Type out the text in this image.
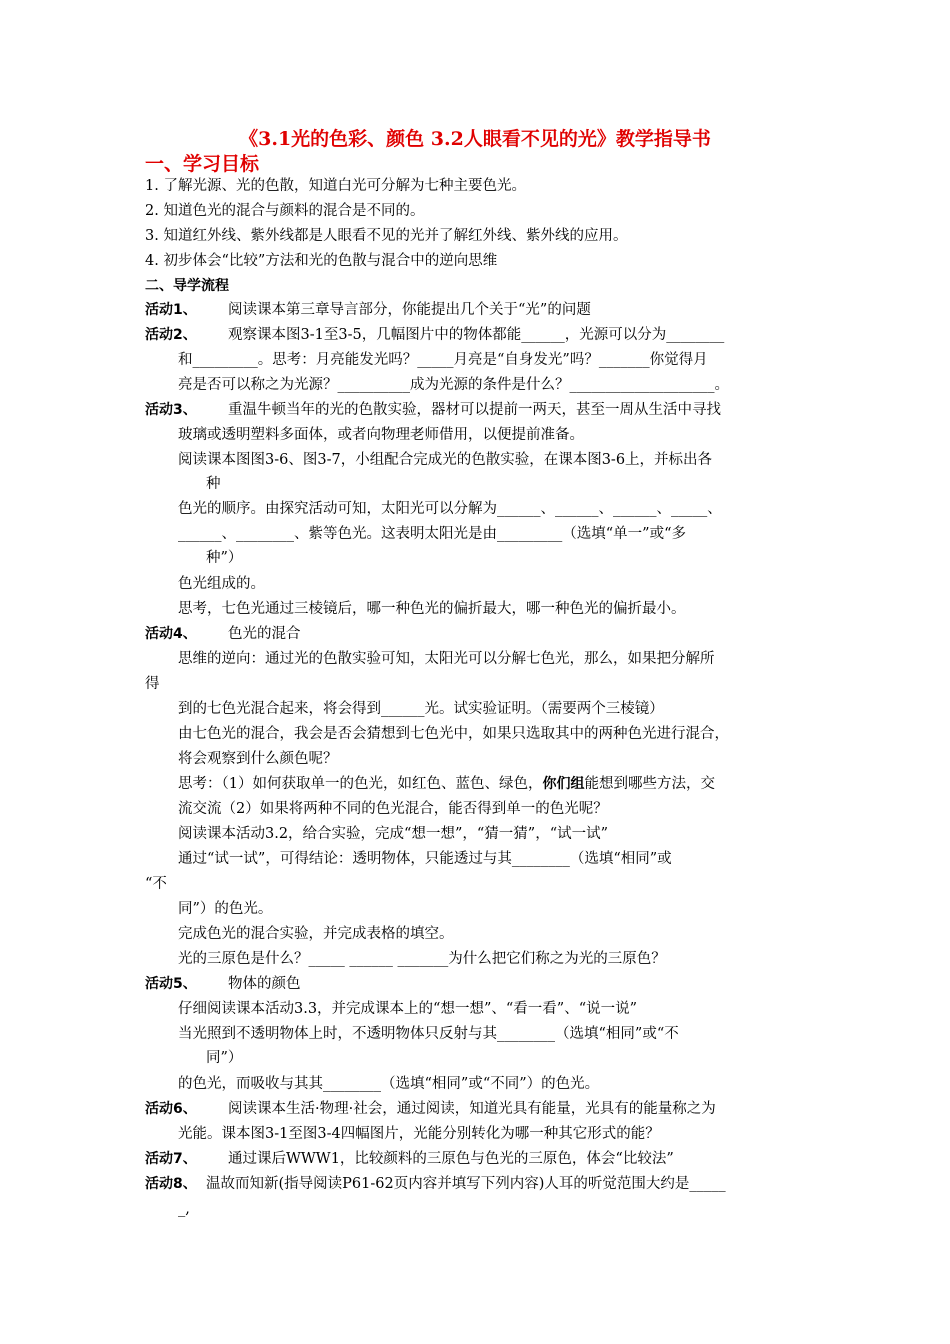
《3.1光的色彩、颜色 3.2人眼看不见的光》教学指导书
一、学习目标
1. 了解光源、光的色散，知道白光可分解为七种主要色光。
2. 知道色光的混合与颜料的混合是不同的。
3. 知道红外线、紫外线都是人眼看不见的光并了解红外线、紫外线的应用。
4. 初步体会“比较”方法和光的色散与混合中的逆向思维
二、导学流程
活动1、 阅读课本第三章导言部分，你能提出几个关于“光”的问题
活动2、 观察课本图3-1至3-5，几幅图片中的物体都能______，光源可以分为________
和_________。思考：月亮能发光吗？_____月亮是“自身发光”吗？_______你觉得月
亮是否可以称之为光源？__________成为光源的条件是什么？____________________。
活动3、 重温牛顿当年的光的色散实验，器材可以提前一两天，甚至一周从生活中寻找
玻璃或透明塑料多面体，或者向物理老师借用，以便提前准备。
阅读课本图图3-6、图3-7，小组配合完成光的色散实验，在课本图3-6上，并标出各
种
色光的顺序。由探究活动可知，太阳光可以分解为______、______、______、_____、
______、________、紫等色光。这表明太阳光是由_________（选填“单一”或“多
种”）
色光组成的。
思考，七色光通过三棱镜后，哪一种色光的偏折最大，哪一种色光的偏折最小。
活动4、 色光的混合
思维的逆向：通过光的色散实验可知，太阳光可以分解七色光，那么，如果把分解所
得
到的七色光混合起来，将会得到______光。试实验证明。（需要两个三棱镜）
由七色光的混合，我会是否会猜想到七色光中，如果只选取其中的两种色光进行混合，
将会观察到什么颜色呢？
思考：（1）如何获取单一的色光，如红色、蓝色、绿色，你们组能想到哪些方法，交
流交流（2）如果将两种不同的色光混合，能否得到单一的色光呢？
阅读课本活动3.2，给合实验，完成“想一想”，“猜一猜”，“试一试”
通过“试一试”，可得结论：透明物体，只能透过与其________（选填“相同”或
“不
同”）的色光。
完成色光的混合实验，并完成表格的填空。
光的三原色是什么？_____ ______ _______为什么把它们称之为光的三原色？
活动5、 物体的颜色
仔细阅读课本活动3.3，并完成课本上的“想一想”、“看一看”、“说一说”
当光照到不透明物体上时，不透明物体只反射与其________（选填“相同”或“不
同”）
的色光，而吸收与其其________（选填“相同”或“不同”）的色光。
活动6、 阅读课本生活·物理·社会，通过阅读，知道光具有能量，光具有的能量称之为
光能。课本图3-1至图3-4四幅图片，光能分别转化为哪一种其它形式的能？
活动7、 通过课后WWW1，比较颜料的三原色与色光的三原色，体会“比较法”
活动8、 温故而知新(指导阅读P61-62页内容并填写下列内容)人耳的听觉范围大约是_____
_,
